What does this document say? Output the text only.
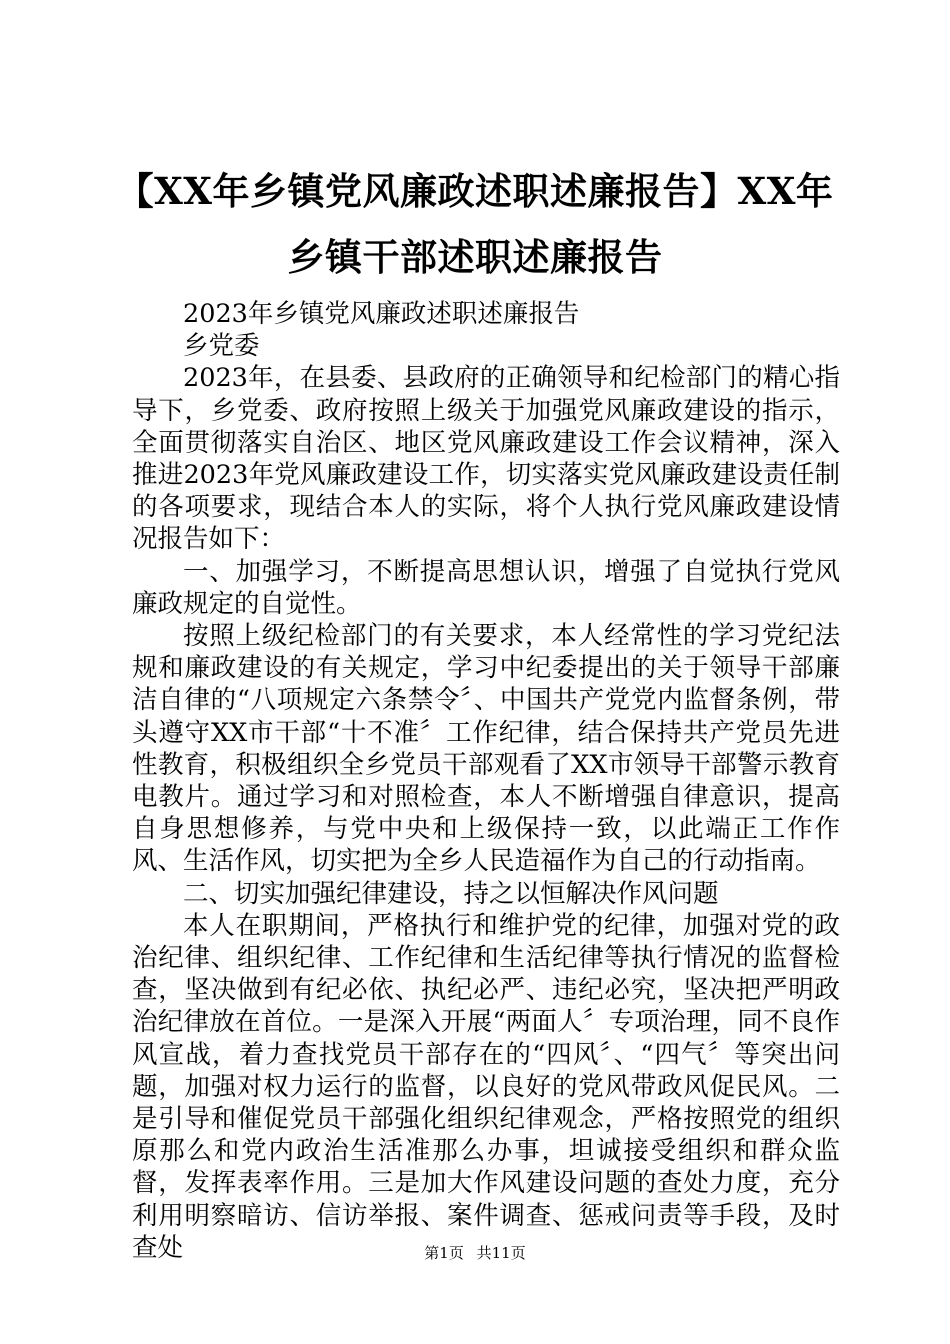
【XX年乡镇党风廉政述职述廉报告】XX年乡镇干部述职述廉报告

2023年乡镇党风廉政述职述廉报告

乡党委

2023年，在县委、县政府的正确领导和纪检部门的精心指导下，乡党委、政府按照上级关于加强党风廉政建设的指示，全面贯彻落实自治区、地区党风廉政建设工作会议精神，深入推进2023年党风廉政建设工作，切实落实党风廉政建设责任制的各项要求，现结合本人的实际，将个人执行党风廉政建设情况报告如下：

一、加强学习，不断提高思想认识，增强了自觉执行党风廉政规定的自觉性。

按照上级纪检部门的有关要求，本人经常性的学习党纪法规和廉政建设的有关规定，学习中纪委提出的关于领导干部廉洁自律的“八项规定六条禁令〞、中国共产党党内监督条例，带头遵守XX市干部“十不准〞工作纪律，结合保持共产党员先进性教育，积极组织全乡党员干部观看了XX市领导干部警示教育电教片。通过学习和对照检查，本人不断增强自律意识，提高自身思想修养，与党中央和上级保持一致，以此端正工作作风、生活作风，切实把为全乡人民造福作为自己的行动指南。

二、切实加强纪律建设，持之以恒解决作风问题

本人在职期间，严格执行和维护党的纪律，加强对党的政治纪律、组织纪律、工作纪律和生活纪律等执行情况的监督检查，坚决做到有纪必依、执纪必严、违纪必究，坚决把严明政治纪律放在首位。一是深入开展“两面人〞专项治理，同不良作风宣战，着力查找党员干部存在的“四风〞、“四气〞等突出问题，加强对权力运行的监督，以良好的党风带政风促民风。二是引导和催促党员干部强化组织纪律观念，严格按照党的组织原那么和党内政治生活准那么办事，坦诚接受组织和群众监督，发挥表率作用。三是加大作风建设问题的查处力度，充分利用明察暗访、信访举报、案件调查、惩戒问责等手段，及时查处	第1页 共11页
